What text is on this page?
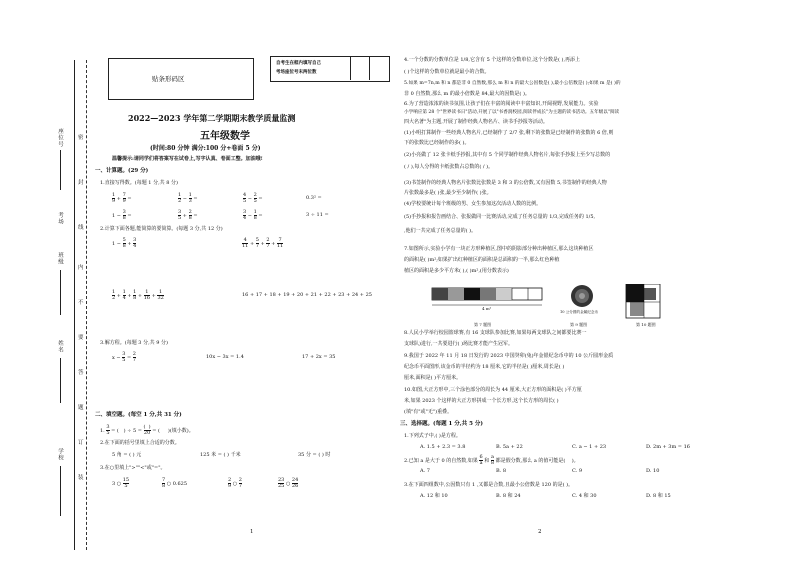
座位号
考场
班级
姓名
学校
密
封
线
内
不
要
答
题
订
装
贴条形码区
自考生在框内填写自己
考场座位号末两位数
2022—2023 学年第二学期期末教学质量监测
五年级数学
(时间:80 分钟 满分:100 分+卷面 5 分)
温馨提示:请同学们将答案写在试卷上,写字认真、卷面工整。加油哦!
一、计算题。(29 分)
1.直接写得数。(每题 1 分,共 8 分)
$\frac{1}{9} + \frac{7}{9}$ =	$\frac{1}{2} - \frac{1}{3}$ =	$\frac{4}{5} - \frac{2}{5}$ =	0.3² =
$1 - \frac{3}{8}$ =	$\frac{3}{5} + \frac{2}{8}$ =	$\frac{3}{4} - \frac{1}{8}$ =	3 ÷ 11 =
2.计算下面各题,能简算的要简算。(每题 3 分,共 12 分)
$1 - \frac{5}{8} + \frac{3}{4}$	$\frac{4}{11} + \frac{5}{7} + \frac{2}{7} + \frac{7}{11}$
$\frac{1}{2} + \frac{1}{4} + \frac{1}{8} + \frac{1}{16} + \frac{1}{32}$	16 + 17 + 18 + 19 + 20 + 21 + 22 + 23 + 24 + 25
3.解方程。(每题 3 分,共 9 分)
$x - \frac{3}{5} = \frac{2}{7}$	10x − 3x = 1.4	17 + 2x = 35
二、填空题。(每空 1 分,共 31 分)
1. $\frac{3}{5}$ = (   ) ÷ $5 = \frac{( )}{20}$ = (     )(填小数)。
2.在下面的括号里填上合适的分数。
5 角 = ( ) 元	125 米 = ( ) 千米	35 分 = ( ) 时
3.在○里填上">""<"或"="。
3 ○ $\frac{15}{5}$	$\frac{7}{8}$ ○ 0.625	$\frac{2}{9}$ ○ $\frac{2}{7}$	$\frac{23}{25}$ ○ $\frac{24}{26}$
1
4.一个分数的分数单位是 1/8,它含有 5 个这样的分数单位,这个分数是( ),再添上
( )个这样的分数单位就是最小的合数。
5.如果 m=7n,m 和 n 都是非 0 自然数,那么 m 和 n 的最大公因数是( ),最小公倍数是( );如果 m 是( )的
非 0 自然数,那么 m 的最小倍数是 84,最大的因数是( )。
6.为了营造浓浓的读书氛围,让孩子们在丰富的阅读中丰富知识,开阔视野,发展能力。实验
小学响应第 28 个"世界读书日"活动,开展了以"书香润校园,阅读伴成长"为主题的读书活动。五年级以"阅读
四大名著"为主题,开展了制作经典人物名片、读书手抄报等活动。
(1)小明打算制作一些经典人物名片,已经制作了 2/7 张,剩下的张数是已经制作的张数的 6 倍,则
下的张数比已经制作的多( )。
(2)小亮做了 12 张卡纸手抄报,其中有 5 个同学制作经典人物名片,每张手抄报上至少写总数的
( / ),每人分得的卡纸张数占总数的( / )。
(3)书签制作的经典人物名片张数比张数是 3 和 3 的公倍数,又有因数 5,书签制作的经典人物
片张数最多是( )张,最少至少制作( )张。
(4)学校要统计每个班级的男、女生参加这次活动人数的比例。
(5)手抄报和报告画结合、张报做同一比赛活动,完成了任务总量的 1/3,完成任务的 1/5,
,他们一共完成了任务总量的( )。
7.如图所示,实验小学有一块正方形种植区,图中的阴影部分种出种植区,那么这块种植区
的面积是( )m²;如果扩出红种植区的面积是总面积的一半,那么红色种植
植区的面积是多少平方米( ),( )m²,(用分数表示)
4 m²
第 7 题图
10 公分圆的金属纪念币
第 9 题图	第 10 题图
8.人民小学举行校园篮球赛,有 16 支球队参加比赛,如果每两支球队之间都要比赛一
支球队)进行,一共要进行( )场比赛才能产生冠军。
9.我国于 2022 年 11 月 18 日发行的 2023 中国癸卯(兔)年金银纪念币中的 10 公斤圆形金质
纪念币平面图形,该金币的半径约为 18 厘米,它的半径是( )厘米,周长是( )
厘米,面积是( )平方厘米。
10.如图,大正方形中,三个涂色部分的周长为 44 厘米,大正方形的面积是( )平方厘
米,如果 2023 个这样的大正方形拼成一个长方形,这个长方形的周长( )
(填"有"或"无")重叠。
三、选择题。(每题 1 分,共 5 分)
1.下列式子中,( )是方程。
A. 1.5 + 2.3 = 3.8	B. 5a + 22	C. a − 1 + 23	D. 2m + 3m = 16
2.已知 a 是大于 0 的自然数,如果 $\frac{6}{a}$ 和 $\frac{a}{8}$ 都是假分数,那么 a 的值可能是(    )。
A. 7	B. 8	C. 9	D. 10
3.在下面四组数中,公因数只有 1 ,又都是合数,且最小公倍数是 120 的是( )。
A. 12 和 10	B. 8 和 24	C. 4 和 30	D. 8 和 15
2
